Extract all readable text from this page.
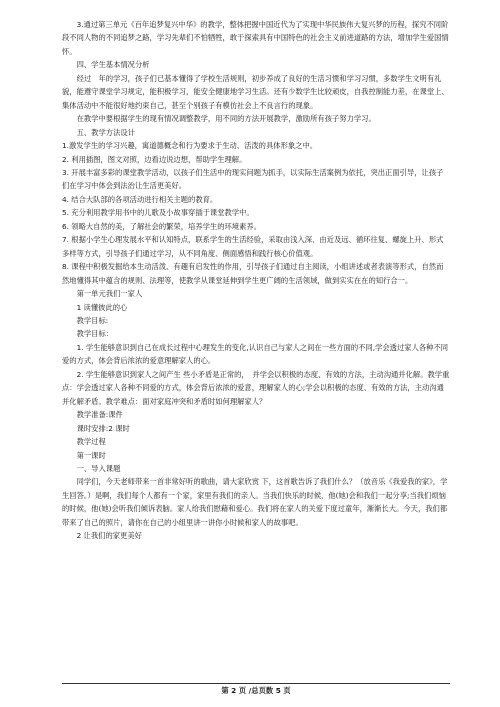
3.通过第三单元《百年追梦复兴中华》的教学，整体把握中国近代为了实现中华民族伟大复兴梦的历程，探究不同阶段不同人物的不同追梦之路，学习先辈们不怕牺牲，敢于探索具有中国特色的社会主义前进道路的方法，增加学生爱国情怀。

四、学生基本情况分析

经过　年的学习，孩子们已基本懂得了学校生活规则，初步养成了良好的生活习惯和学习习惯，多数学生文明有礼貌，能遵守课堂学习规定，能积极学习，能安全健康地学习生活。还有少数学生比较顽皮，自我控制能力差，在课堂上、集体活动中不能很好地约束自己，甚至个别孩子有模仿社会上不良言行的现象。

在教学中要根据学生的现有情况调整教学，用不同的方法开展教学，激励所有孩子努力学习。

五、教学方法设计

1.激发学生的学习兴趣，寓道德概念和行为要求于生动、活泼的具体形象之中。

2. 利用插图，图文对照，边看边说边想，帮助学生理解。

3. 开展丰富多彩的课堂教学活动，以孩子们生活中的现实问题为抓手，以实际生活案例为依托，突出正面引导，让孩子们在学习中体会到法治让生活更美好。

4. 结合大队部的各项活动进行相关主题的教育。

5. 充分利用教学用书中的儿歌及小故事穿插于课堂教学中。

6. 领略大自然的美，了解社会的繁荣，培养学生的环境素养。

7. 根据小学生心理发展水平和认知特点，联系学生的生活经验，采取由浅入深、由近及远、循环往复、螺旋上升、形式多样等方式，引导孩子们通过学习，从不同角度、侧面感悟和践行核心价值观。

8. 课程中积极发掘给本生动活泼、有趣有启发性的作用，引导孩子们通过自主阅读，小组讲述或者表演等形式，自然而然地懂得其中蕴含的规则、法理等，使教学从课堂延伸到学生更广阔的生活领域，做到实实在在的知行合一。

第一单元我们一家人

1 读懂彼此的心

教学目标:

教学目标：

1. 学生能够意识到自己在成长过程中心理发生的变化,认识自己与家人之间在一些方面的不同,学会透过家人各种不同爱的方式，体会背后浓浓的爱意理解家人的心。

2. 学生能够意识到家人之间产生 些小矛盾是正常的，　并学会以积极的态度、有效的方法，主动沟通并化解。教学重点：学会透过家人各种不同爱的方式，体会背后浓浓的爱意，理解家人的心;学会以积极的态度、有效的方法，主动沟通并化解矛盾。教学难点：面对家庭冲突和矛盾时如何理解家人？

教学准备:课件

课时安排:2 课时

教学过程

第一课时

一、导入课题

同学们，今天老师带来一首非常好听的歌曲，请大家欣赏 下，这首歌告诉了我们什么？（放音乐《我爱我的家》，学生回答。）是啊，我们每个人都有一个家，家里有我们的亲人。当我们快乐的时候，他(她)会和我们一起分享;当我们烦恼的时候，他(她)会听我们倾诉表脑。家人给我们慰藉和爱心。我们将在家人的关爱下度过童年，渐渐长大。今天，我们都带来了自己的照片，请你在自己的小组里讲一讲你小时候和家人的故事吧。

2 让我们的家更美好

第 2 页 /总页数 5 页
